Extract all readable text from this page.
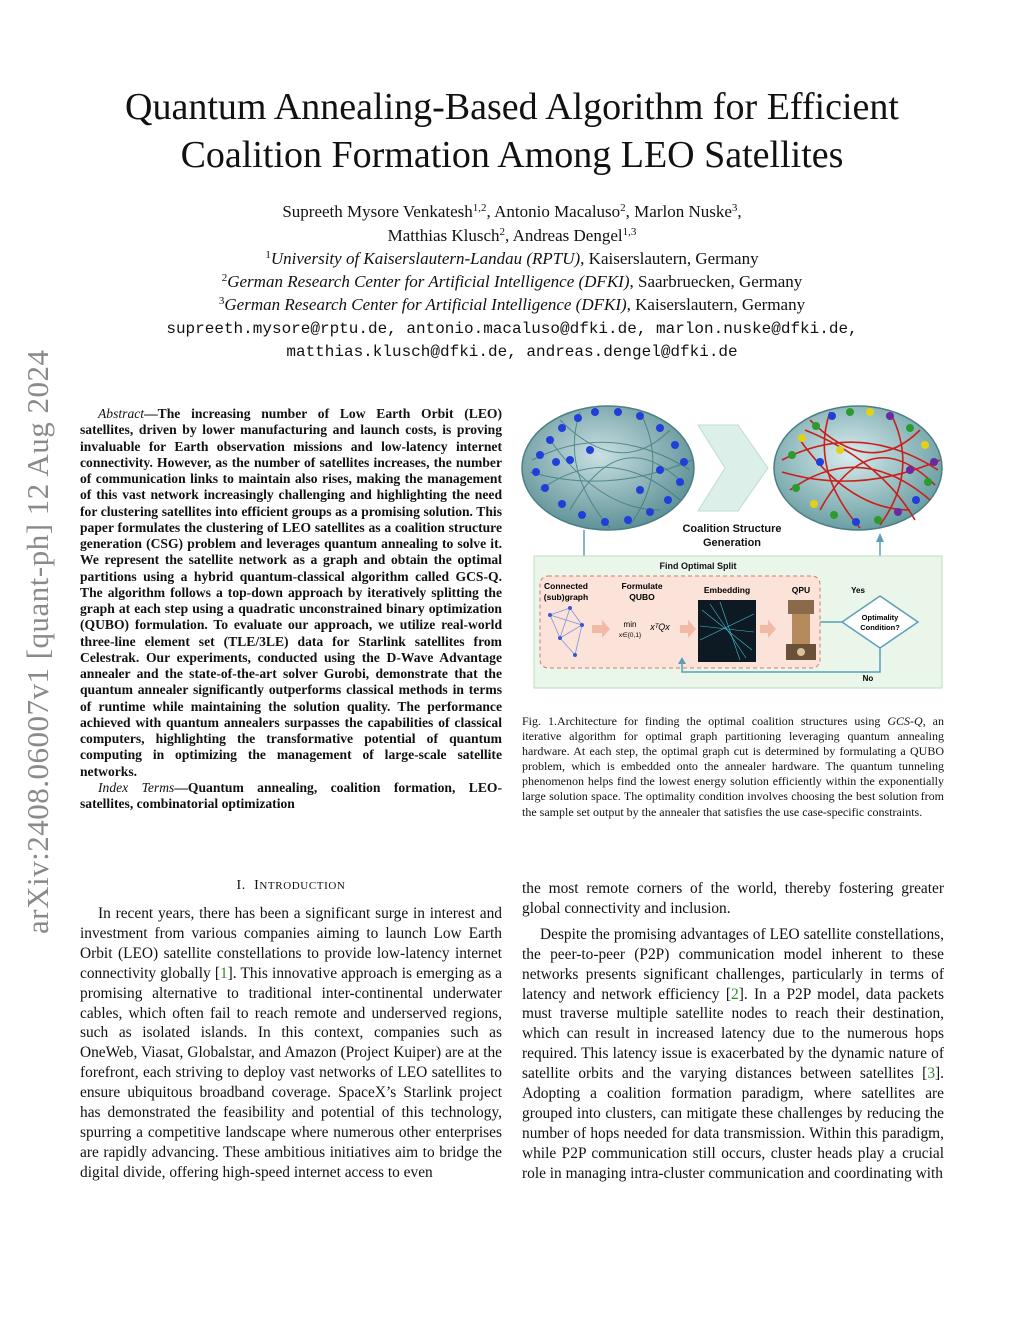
arXiv:2408.06007v1 [quant-ph] 12 Aug 2024
Quantum Annealing-Based Algorithm for Efficient
Coalition Formation Among LEO Satellites
Supreeth Mysore Venkatesh$^{1,2}$, Antonio Macaluso$^2$, Marlon Nuske$^3$,
Matthias Klusch$^2$, Andreas Dengel$^{1,3}$
$^1$University of Kaiserslautern-Landau (RPTU), Kaiserslautern, Germany
$^2$German Research Center for Artificial Intelligence (DFKI), Saarbruecken, Germany
$^3$German Research Center for Artificial Intelligence (DFKI), Kaiserslautern, Germany
supreeth.mysore@rptu.de, antonio.macaluso@dfki.de, marlon.nuske@dfki.de,
matthias.klusch@dfki.de, andreas.dengel@dfki.de

Abstract—The increasing number of Low Earth Orbit (LEO) satellites, driven by lower manufacturing and launch costs, is proving invaluable for Earth observation missions and low-latency internet connectivity. However, as the number of satellites increases, the number of communication links to maintain also rises, making the management of this vast network increasingly challenging and highlighting the need for clustering satellites into efficient groups as a promising solution. This paper formulates the clustering of LEO satellites as a coalition structure generation (CSG) problem and leverages quantum annealing to solve it. We represent the satellite network as a graph and obtain the optimal partitions using a hybrid quantum-classical algorithm called GCS-Q. The algorithm follows a top-down approach by iteratively splitting the graph at each step using a quadratic unconstrained binary optimization (QUBO) formulation. To evaluate our approach, we utilize real-world three-line element set (TLE/3LE) data for Starlink satellites from Celestrak. Our experiments, conducted using the D-Wave Advantage annealer and the state-of-the-art solver Gurobi, demonstrate that the quantum annealer significantly outperforms classical methods in terms of runtime while maintaining the solution quality. The performance achieved with quantum annealers surpasses the capabilities of classical computers, highlighting the transformative potential of quantum computing in optimizing the management of large-scale satellite networks.

Index Terms—Quantum annealing, coalition formation, LEO-satellites, combinatorial optimization

I. INTRODUCTION

In recent years, there has been a significant surge in interest and investment from various companies aiming to launch Low Earth Orbit (LEO) satellite constellations to provide low-latency internet connectivity globally [1]. This innovative approach is emerging as a promising alternative to traditional inter-continental underwater cables, which often fail to reach remote and underserved regions, such as isolated islands. In this context, companies such as OneWeb, Viasat, Globalstar, and Amazon (Project Kuiper) are at the forefront, each striving to deploy vast networks of LEO satellites to ensure ubiquitous broadband coverage. SpaceX’s Starlink project has demonstrated the feasibility and potential of this technology, spurring a competitive landscape where numerous other enterprises are rapidly advancing. These ambitious initiatives aim to bridge the digital divide, offering high-speed internet access to even

the most remote corners of the world, thereby fostering greater global connectivity and inclusion.

Despite the promising advantages of LEO satellite constellations, the peer-to-peer (P2P) communication model inherent to these networks presents significant challenges, particularly in terms of latency and network efficiency [2]. In a P2P model, data packets must traverse multiple satellite nodes to reach their destination, which can result in increased latency due to the numerous hops required. This latency issue is exacerbated by the dynamic nature of satellite orbits and the varying distances between satellites [3]. Adopting a coalition formation paradigm, where satellites are grouped into clusters, can mitigate these challenges by reducing the number of hops needed for data transmission. Within this paradigm, while P2P communication still occurs, cluster heads play a crucial role in managing intra-cluster communication and coordinating with

Coalition Structure
Generation
Find Optimal Split
Connected
(sub)graph
Formulate
QUBO
min
x∈{0,1}
xᵀQx
Embedding	QPU
Optimality
Condition?
Yes
No
Fig. 1.Architecture for finding the optimal coalition structures using GCS-Q, an iterative algorithm for optimal graph partitioning leveraging quantum annealing hardware. At each step, the optimal graph cut is determined by formulating a QUBO problem, which is embedded onto the annealer hardware. The quantum tunneling phenomenon helps find the lowest energy solution efficiently within the exponentially large solution space. The optimality condition involves choosing the best solution from the sample set output by the annealer that satisfies the use case-specific constraints.
